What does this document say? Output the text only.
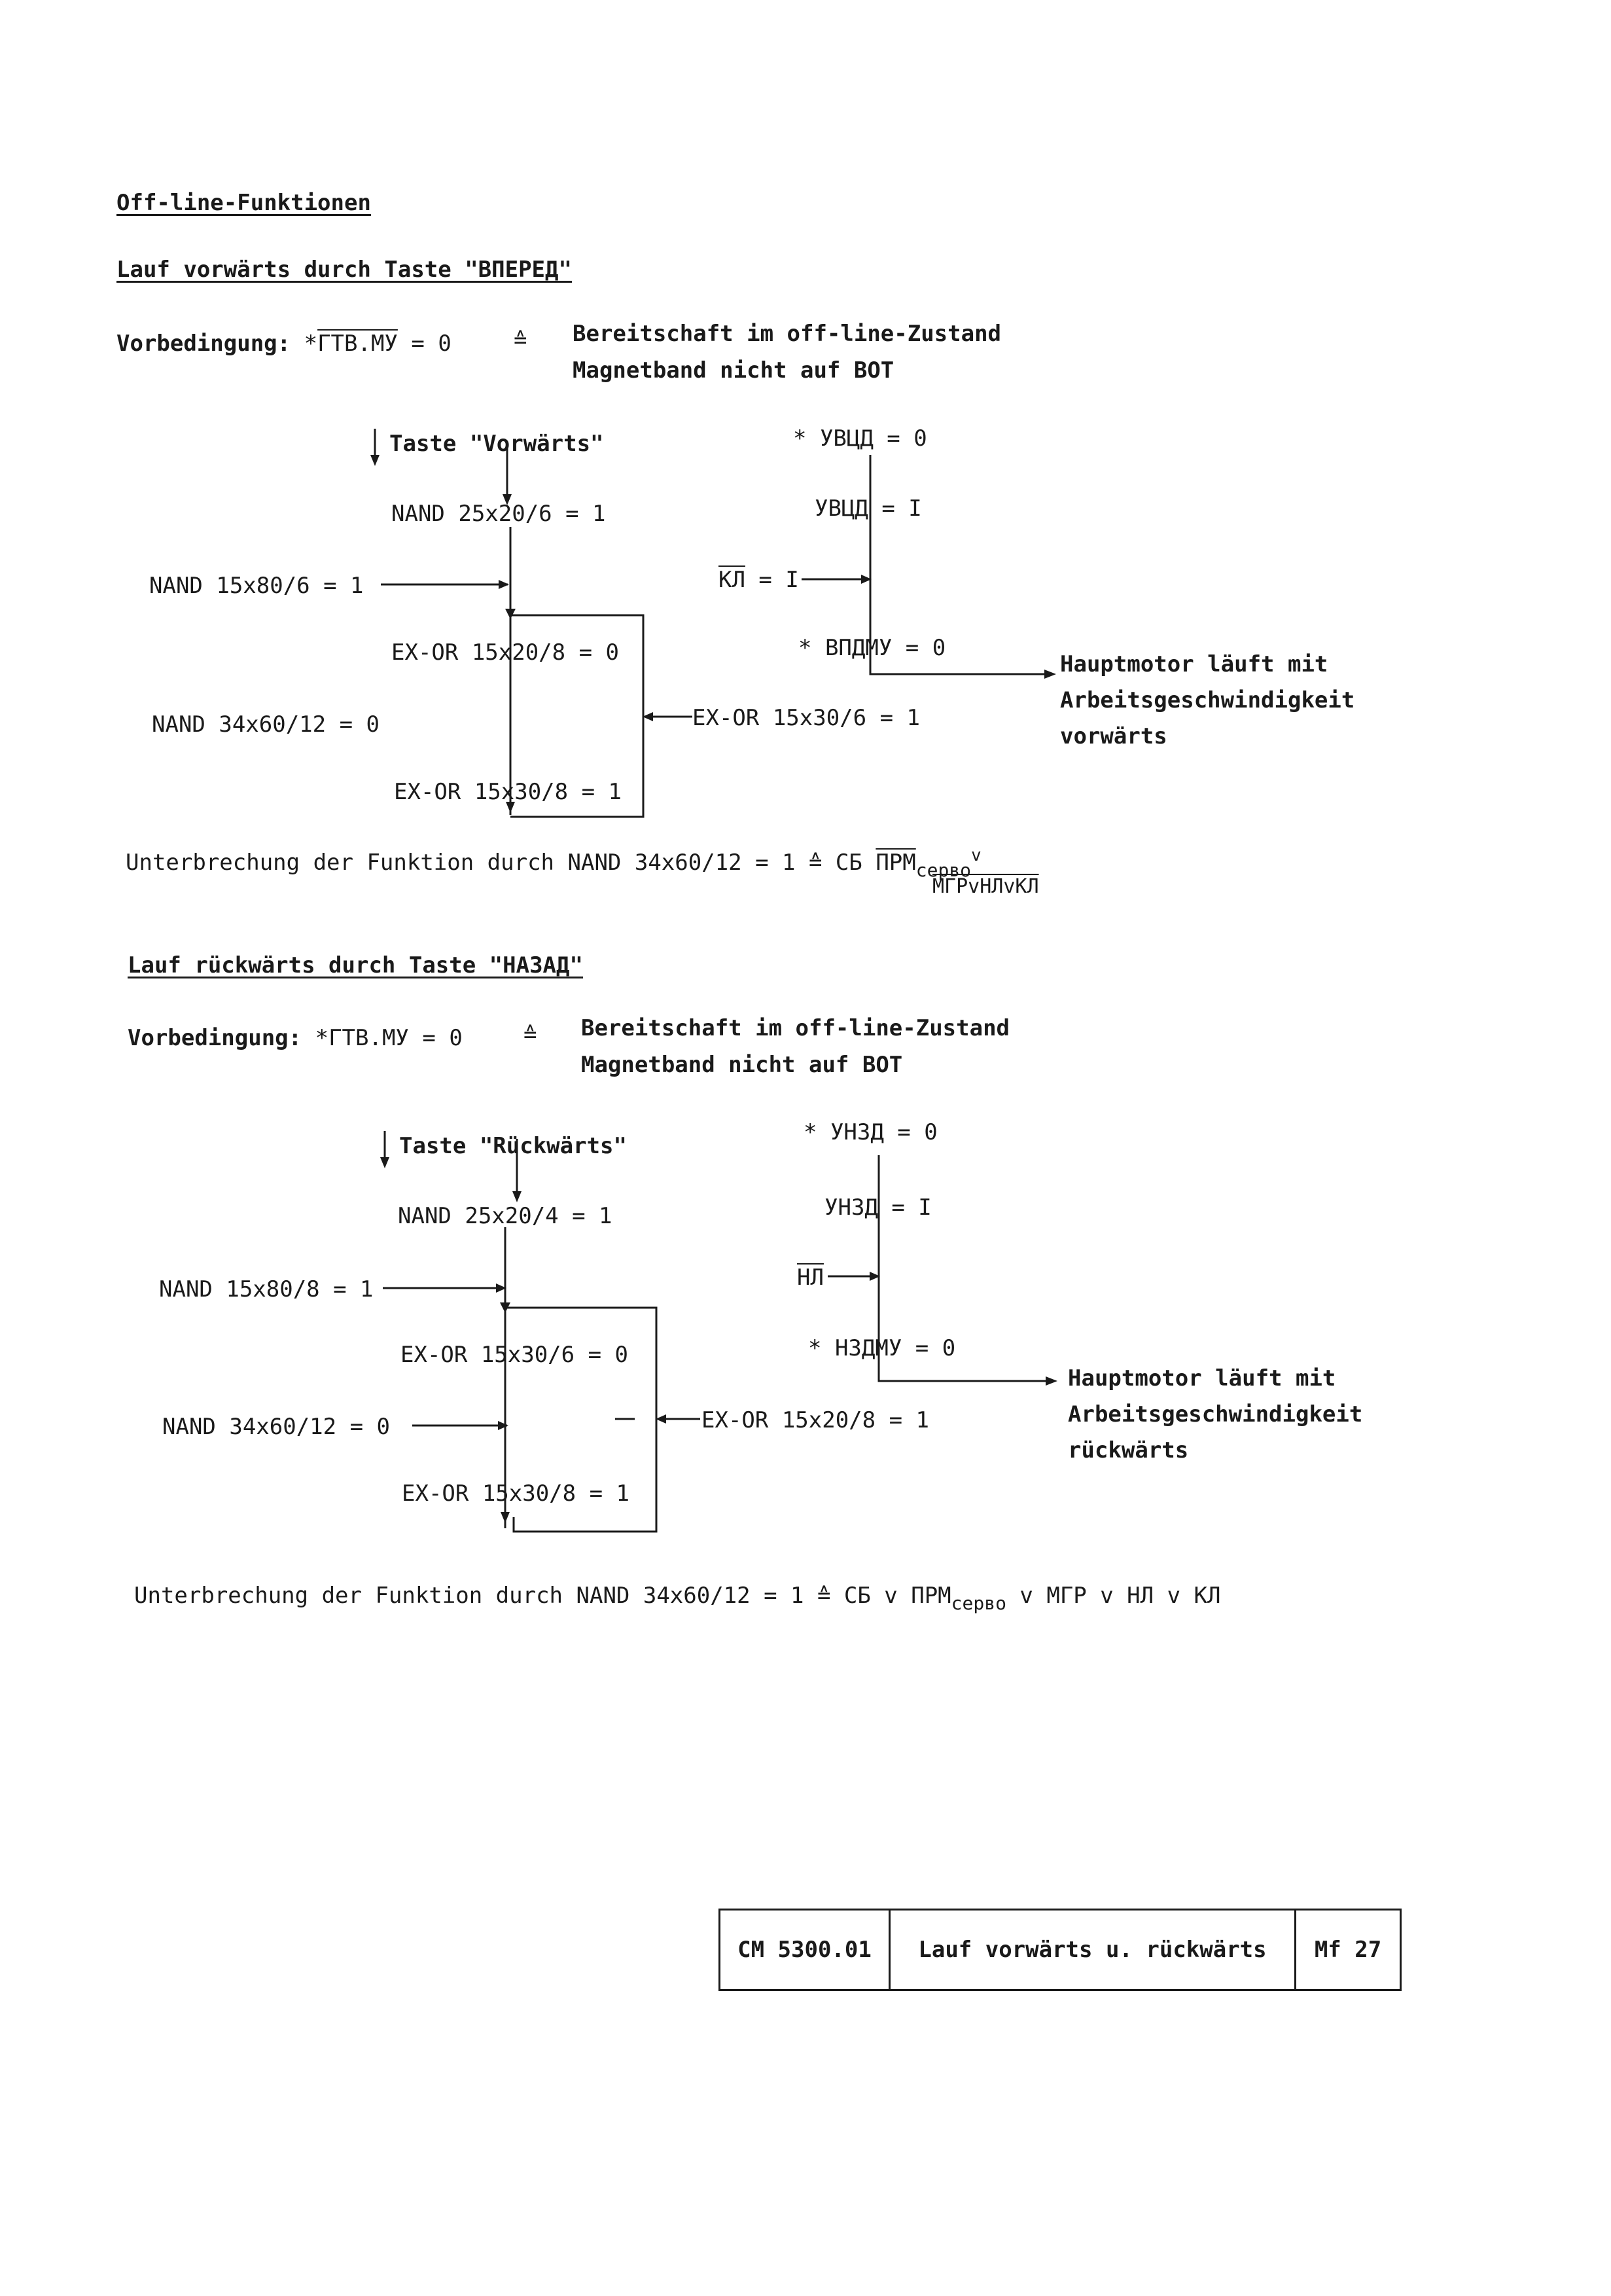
Off-line-Funktionen
Lauf vorwärts durch Taste "ВПЕРЕД"
Vorbedingung: *ГТВ.МУ = 0	≙ Bereitschaft im off-line-Zustand
Magnetband nicht auf BOT
Taste "Vorwärts"
NAND 25x20/6 = 1
NAND 15x80/6 = 1
EX-OR 15x20/8 = 0
NAND 34x60/12 = 0	EX-OR 15x30/6 = 1
EX-OR 15x30/8 = 1
* УВЦД = 0
УВЦД = I
КЛ = I
* ВПДМУ = 0
Hauptmotor läuft mit
Arbeitsgeschwindigkeit
vorwärts
Unterbrechung der Funktion durch NAND 34x60/12 = 1 ≙ СБ $ПРМ_{серво}^v$
МГРvНЛvКЛ
Lauf rückwärts durch Taste "НАЗАД"
Vorbedingung: *ГТВ.МУ = 0	≙ Bereitschaft im off-line-Zustand
Magnetband nicht auf BOT
Taste "Rückwärts"
NAND 25x20/4 = 1
NAND 15x80/8 = 1
EX-OR 15x30/6 = 0
NAND 34x60/12 = 0	EX-OR 15x20/8 = 1
EX-OR 15x30/8 = 1
* УНЗД = 0
УНЗД = I
НЛ
* НЗДМУ = 0
Hauptmotor läuft mit
Arbeitsgeschwindigkeit
rückwärts
Unterbrechung der Funktion durch NAND 34x60/12 = 1 ≙ СБ v $ПРМ_{серво}$ v МГР v НЛ v КЛ
CM 5300.01	Lauf vorwärts u. rückwärts	Mf 27
